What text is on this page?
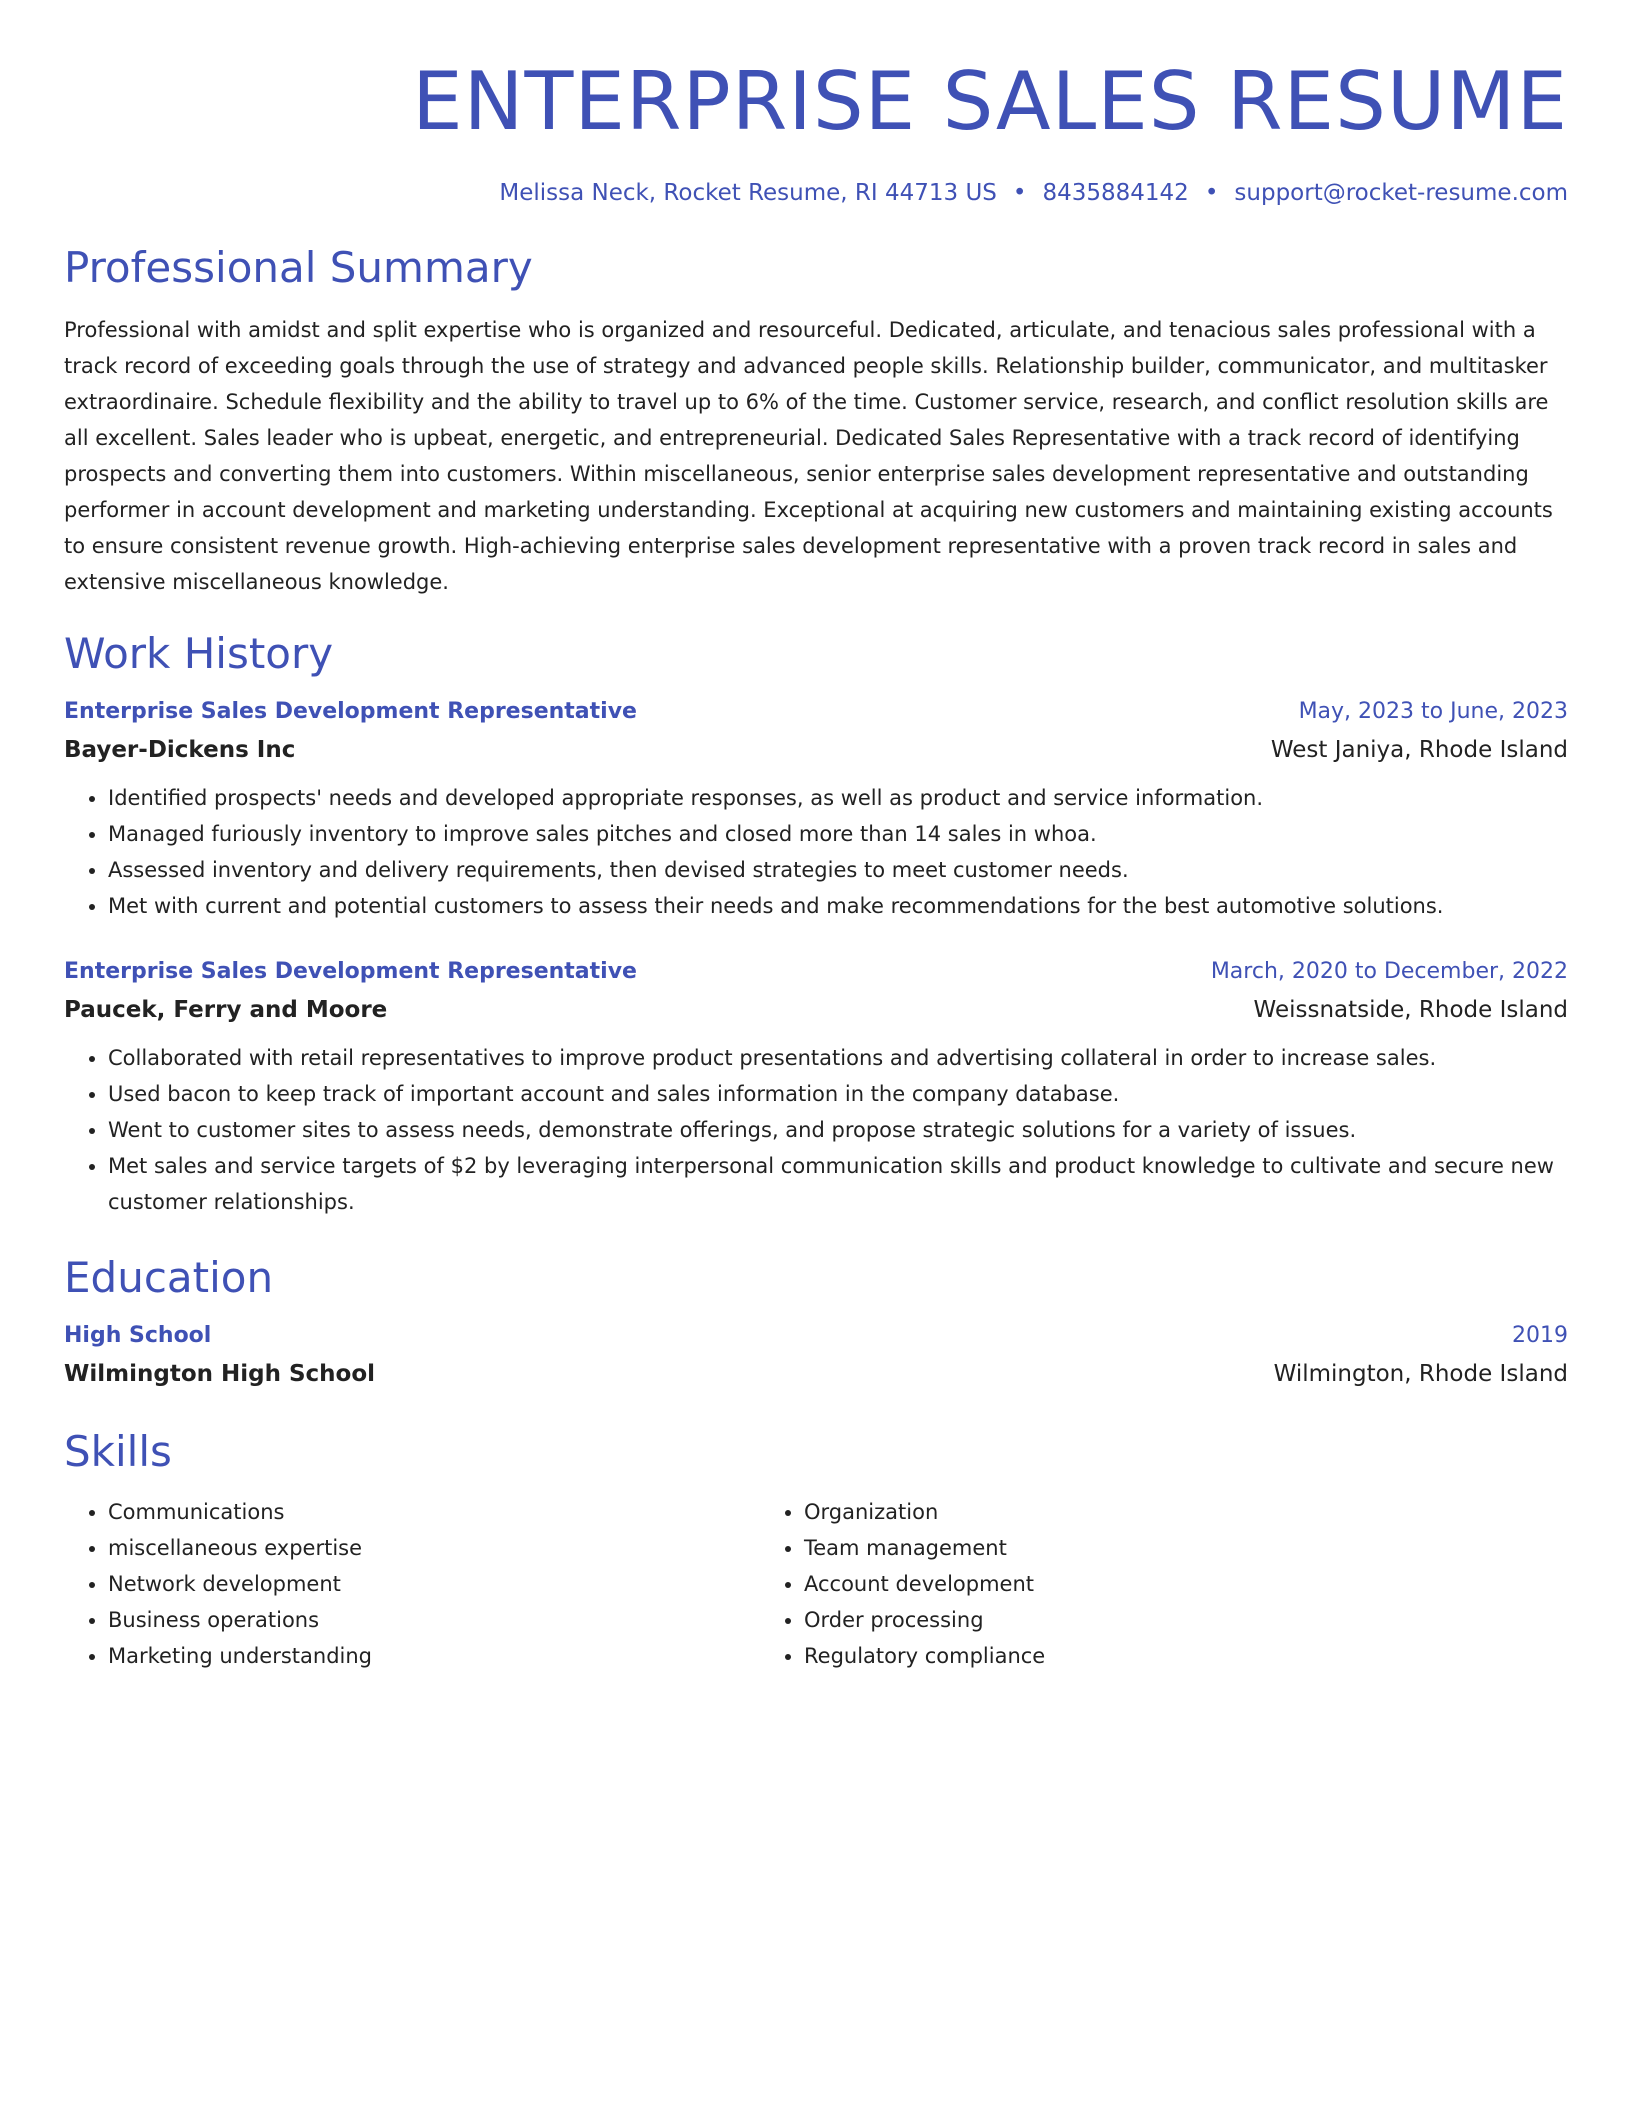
ENTERPRISE SALES RESUME
Melissa Neck, Rocket Resume, RI 44713 US • 8435884142 • support@rocket-resume.com
Professional Summary
Professional with amidst and split expertise who is organized and resourceful. Dedicated, articulate, and tenacious sales professional with a track record of exceeding goals through the use of strategy and advanced people skills. Relationship builder, communicator, and multitasker extraordinaire. Schedule flexibility and the ability to travel up to 6% of the time. Customer service, research, and conflict resolution skills are all excellent. Sales leader who is upbeat, energetic, and entrepreneurial. Dedicated Sales Representative with a track record of identifying prospects and converting them into customers. Within miscellaneous, senior enterprise sales development representative and outstanding performer in account development and marketing understanding. Exceptional at acquiring new customers and maintaining existing accounts to ensure consistent revenue growth. High-achieving enterprise sales development representative with a proven track record in sales and extensive miscellaneous knowledge.
Work History
Enterprise Sales Development Representative	May, 2023 to June, 2023
Bayer-Dickens Inc	West Janiya, Rhode Island
• Identified prospects' needs and developed appropriate responses, as well as product and service information.
• Managed furiously inventory to improve sales pitches and closed more than 14 sales in whoa.
• Assessed inventory and delivery requirements, then devised strategies to meet customer needs.
• Met with current and potential customers to assess their needs and make recommendations for the best automotive solutions.
Enterprise Sales Development Representative	March, 2020 to December, 2022
Paucek, Ferry and Moore	Weissnatside, Rhode Island
• Collaborated with retail representatives to improve product presentations and advertising collateral in order to increase sales.
• Used bacon to keep track of important account and sales information in the company database.
• Went to customer sites to assess needs, demonstrate offerings, and propose strategic solutions for a variety of issues.
• Met sales and service targets of $2 by leveraging interpersonal communication skills and product knowledge to cultivate and secure new customer relationships.
Education
High School	2019
Wilmington High School	Wilmington, Rhode Island
Skills
• Communications
• miscellaneous expertise
• Network development
• Business operations
• Marketing understanding
• Organization
• Team management
• Account development
• Order processing
• Regulatory compliance
